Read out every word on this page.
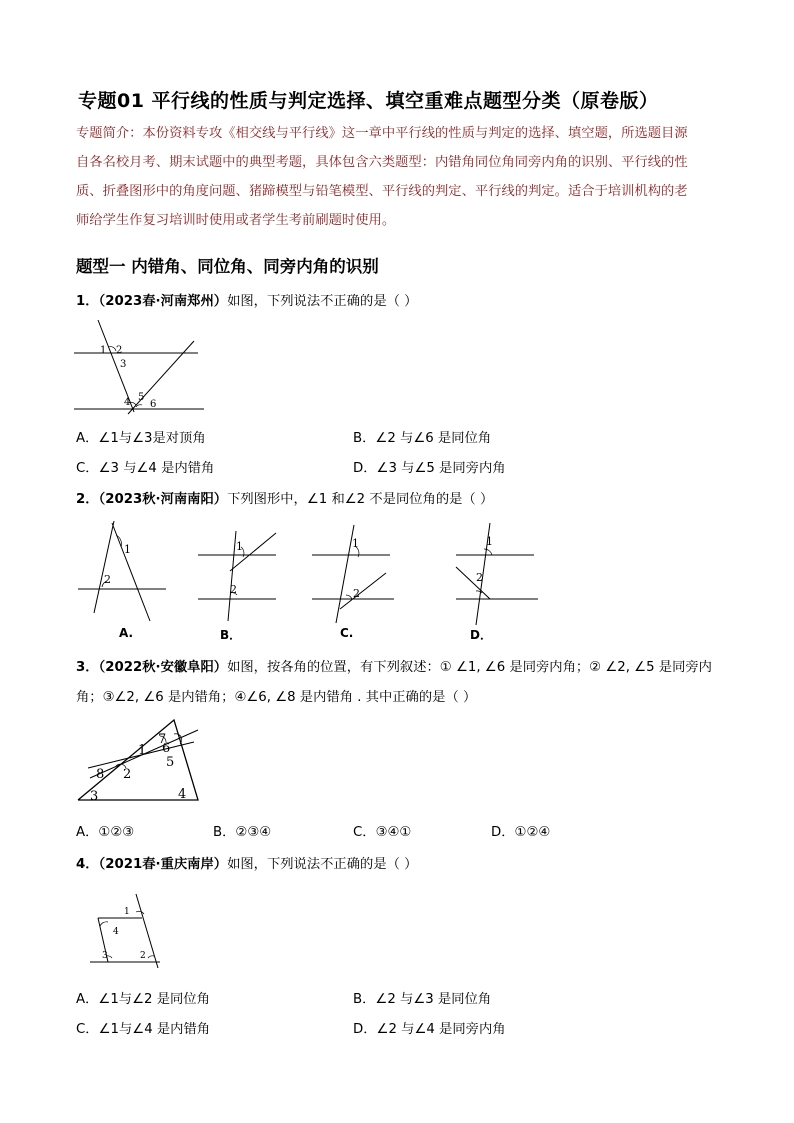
专题01 平行线的性质与判定选择、填空重难点题型分类（原卷版）
专题简介：本份资料专攻《相交线与平行线》这一章中平行线的性质与判定的选择、填空题，所选题目源
自各名校月考、期末试题中的典型考题，具体包含六类题型：内错角同位角同旁内角的识别、平行线的性
质、折叠图形中的角度问题、猪蹄模型与铅笔模型、平行线的判定、平行线的判定。适合于培训机构的老
师给学生作复习培训时使用或者学生考前刷题时使用。
题型一 内错角、同位角、同旁内角的识别
1．（2023春·河南郑州）如图，下列说法不正确的是（ ）
1 2
3
4 5
6
A．∠1与∠3是对顶角	B．∠2 与∠6 是同位角
C．∠3 与∠4 是内错角	D．∠3 与∠5 是同旁内角
2．（2023秋·河南南阳）下列图形中，∠1 和∠2 不是同位角的是（ ）
1
2
1
2
1
2
1
2
A.	B．	C.	D．
3．（2022秋·安徽阜阳）如图，按各角的位置，有下列叙述：① ∠1, ∠6 是同旁内角；② ∠2, ∠5 是同旁内
角；③∠2, ∠6 是内错角；④∠6, ∠8 是内错角 . 其中正确的是（ ）
7
6
1
5
8 2
3	4
A．①②③	B．②③④	C．③④①	D．①②④
4．（2021春·重庆南岸）如图，下列说法不正确的是（ ）
1
4
3	2
A．∠1与∠2 是同位角	B．∠2 与∠3 是同位角
C．∠1与∠4 是内错角	D．∠2 与∠4 是同旁内角
